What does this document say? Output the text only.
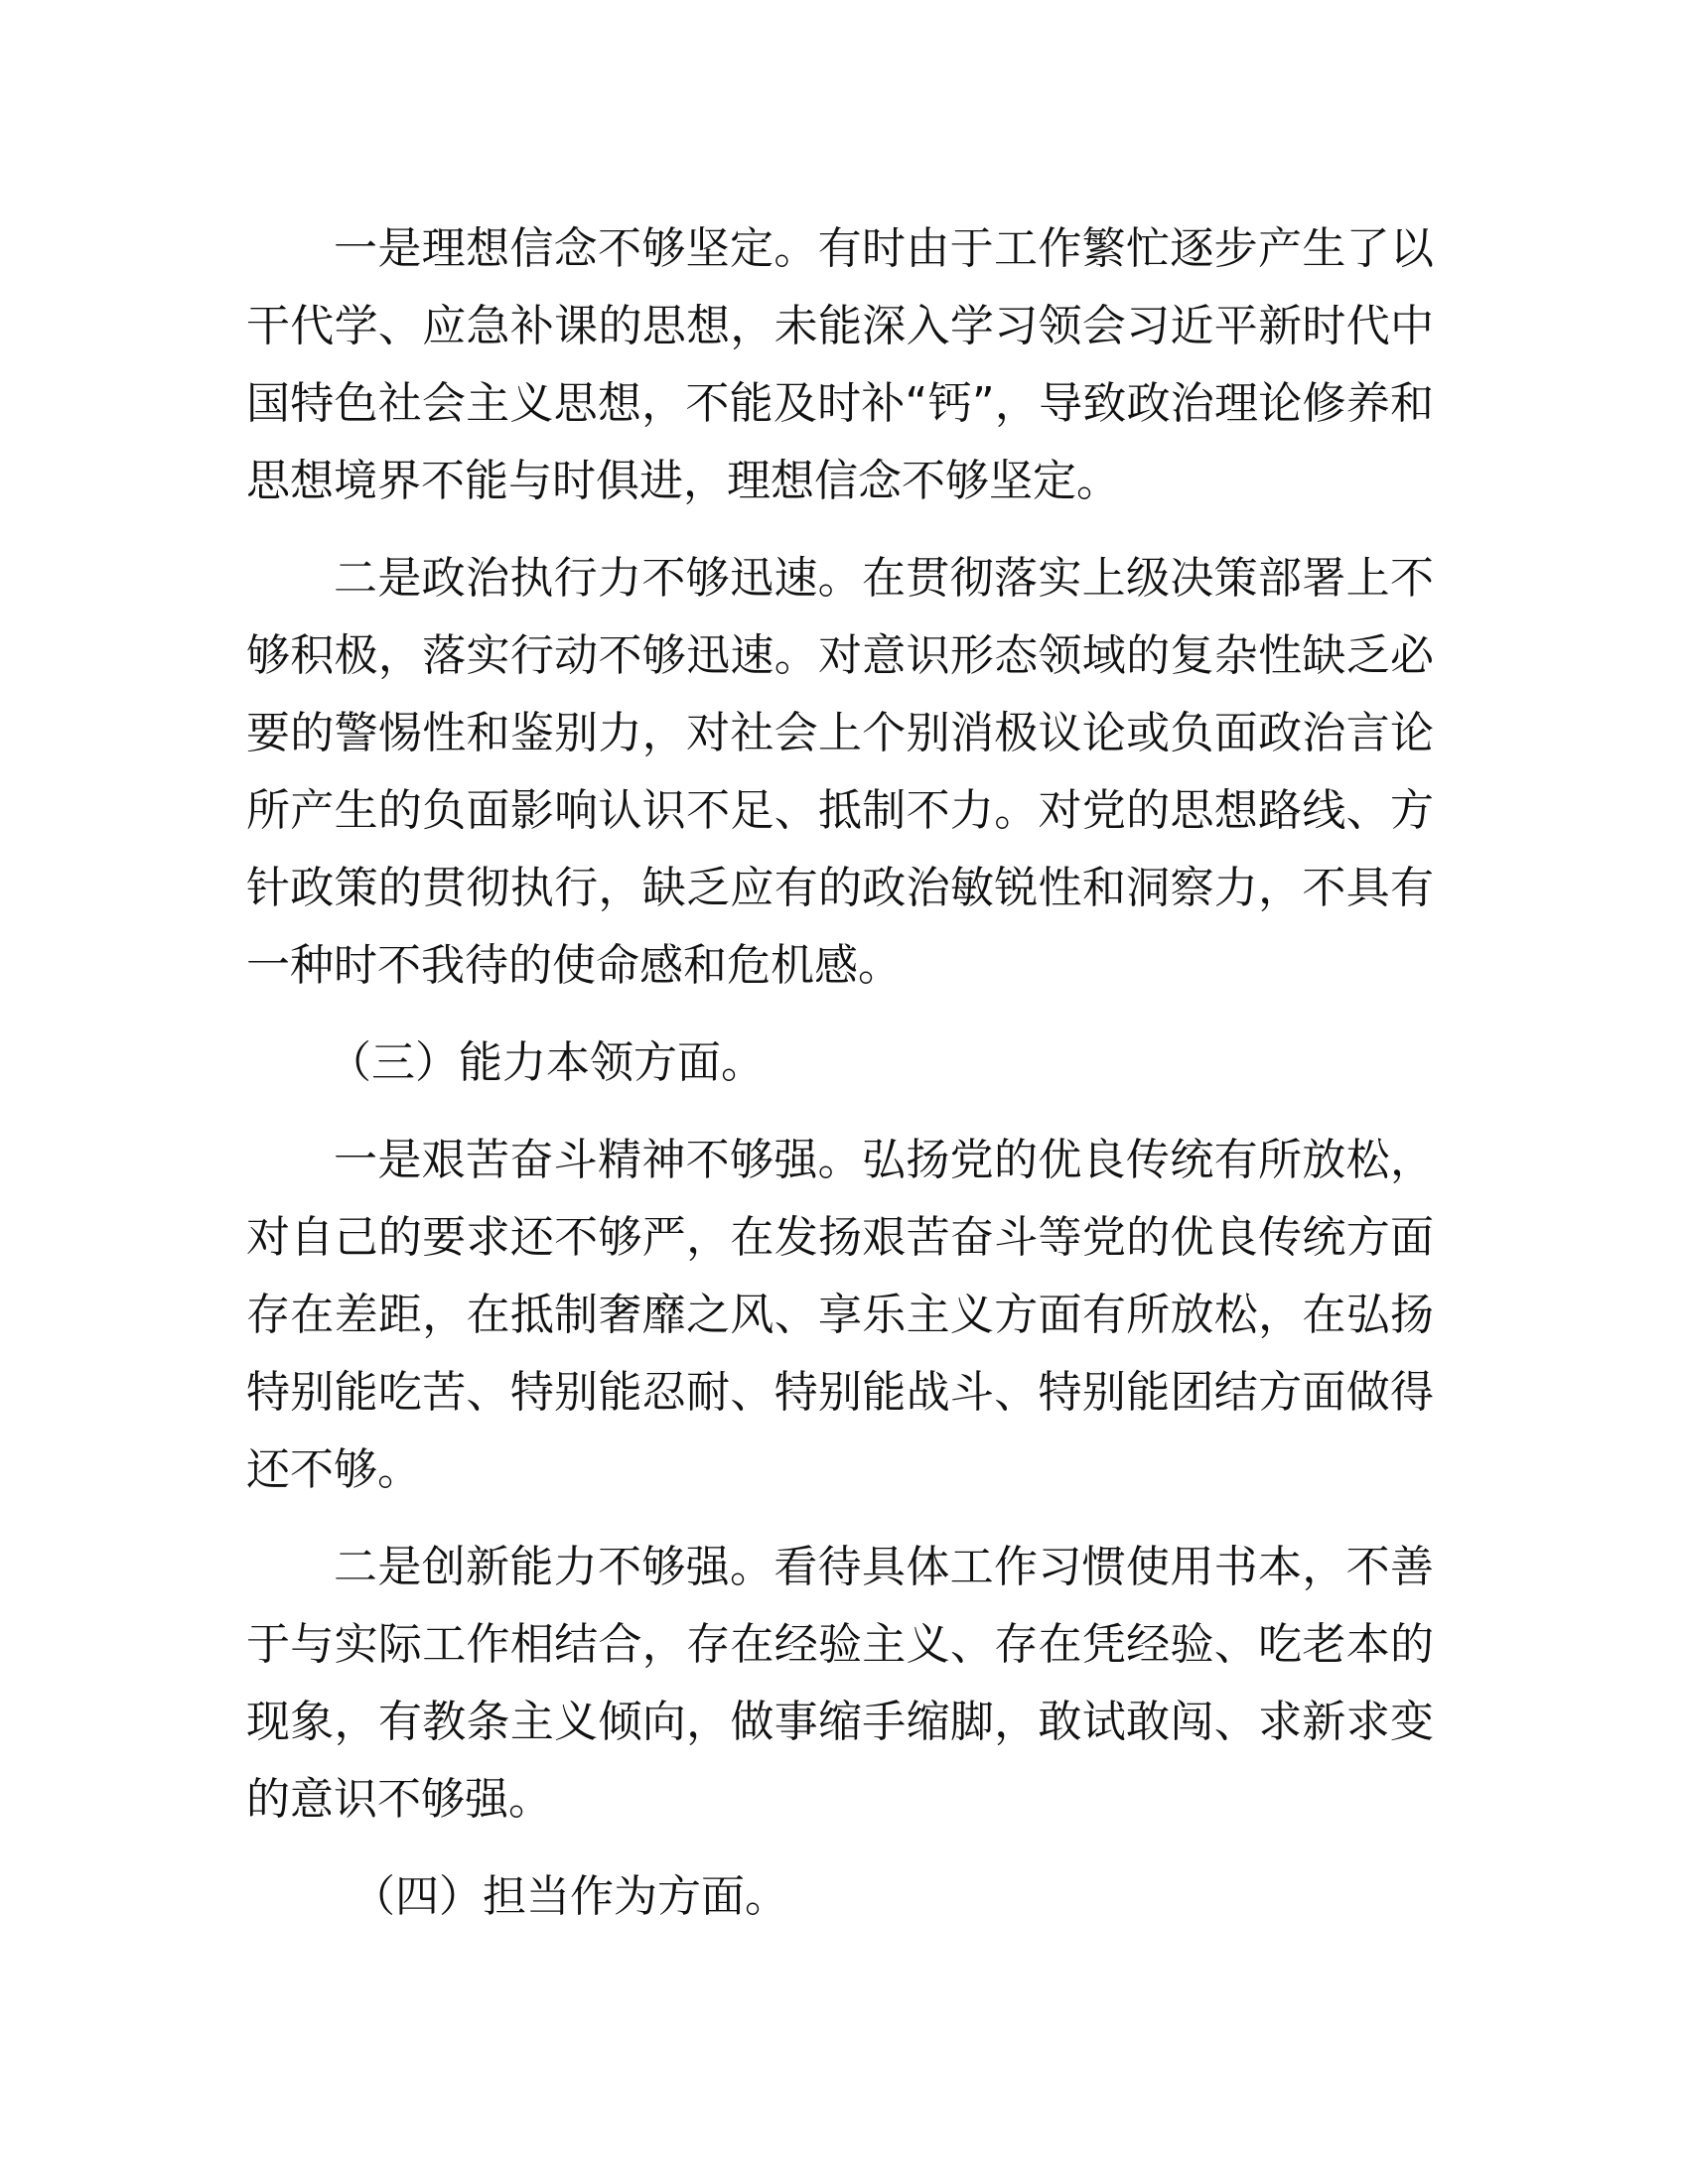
一是理想信念不够坚定。有时由于工作繁忙逐步产生了以干代学、应急补课的思想，未能深入学习领会习近平新时代中国特色社会主义思想，不能及时补“钙”，导致政治理论修养和思想境界不能与时俱进，理想信念不够坚定。

二是政治执行力不够迅速。在贯彻落实上级决策部署上不够积极，落实行动不够迅速。对意识形态领域的复杂性缺乏必要的警惕性和鉴别力，对社会上个别消极议论或负面政治言论所产生的负面影响认识不足、抵制不力。对党的思想路线、方针政策的贯彻执行，缺乏应有的政治敏锐性和洞察力，不具有一种时不我待的使命感和危机感。

（三）能力本领方面。

一是艰苦奋斗精神不够强。弘扬党的优良传统有所放松，对自己的要求还不够严，在发扬艰苦奋斗等党的优良传统方面存在差距，在抵制奢靡之风、享乐主义方面有所放松，在弘扬特别能吃苦、特别能忍耐、特别能战斗、特别能团结方面做得还不够。

二是创新能力不够强。看待具体工作习惯使用书本，不善于与实际工作相结合，存在经验主义、存在凭经验、吃老本的现象，有教条主义倾向，做事缩手缩脚，敢试敢闯、求新求变的意识不够强。

（四）担当作为方面。
